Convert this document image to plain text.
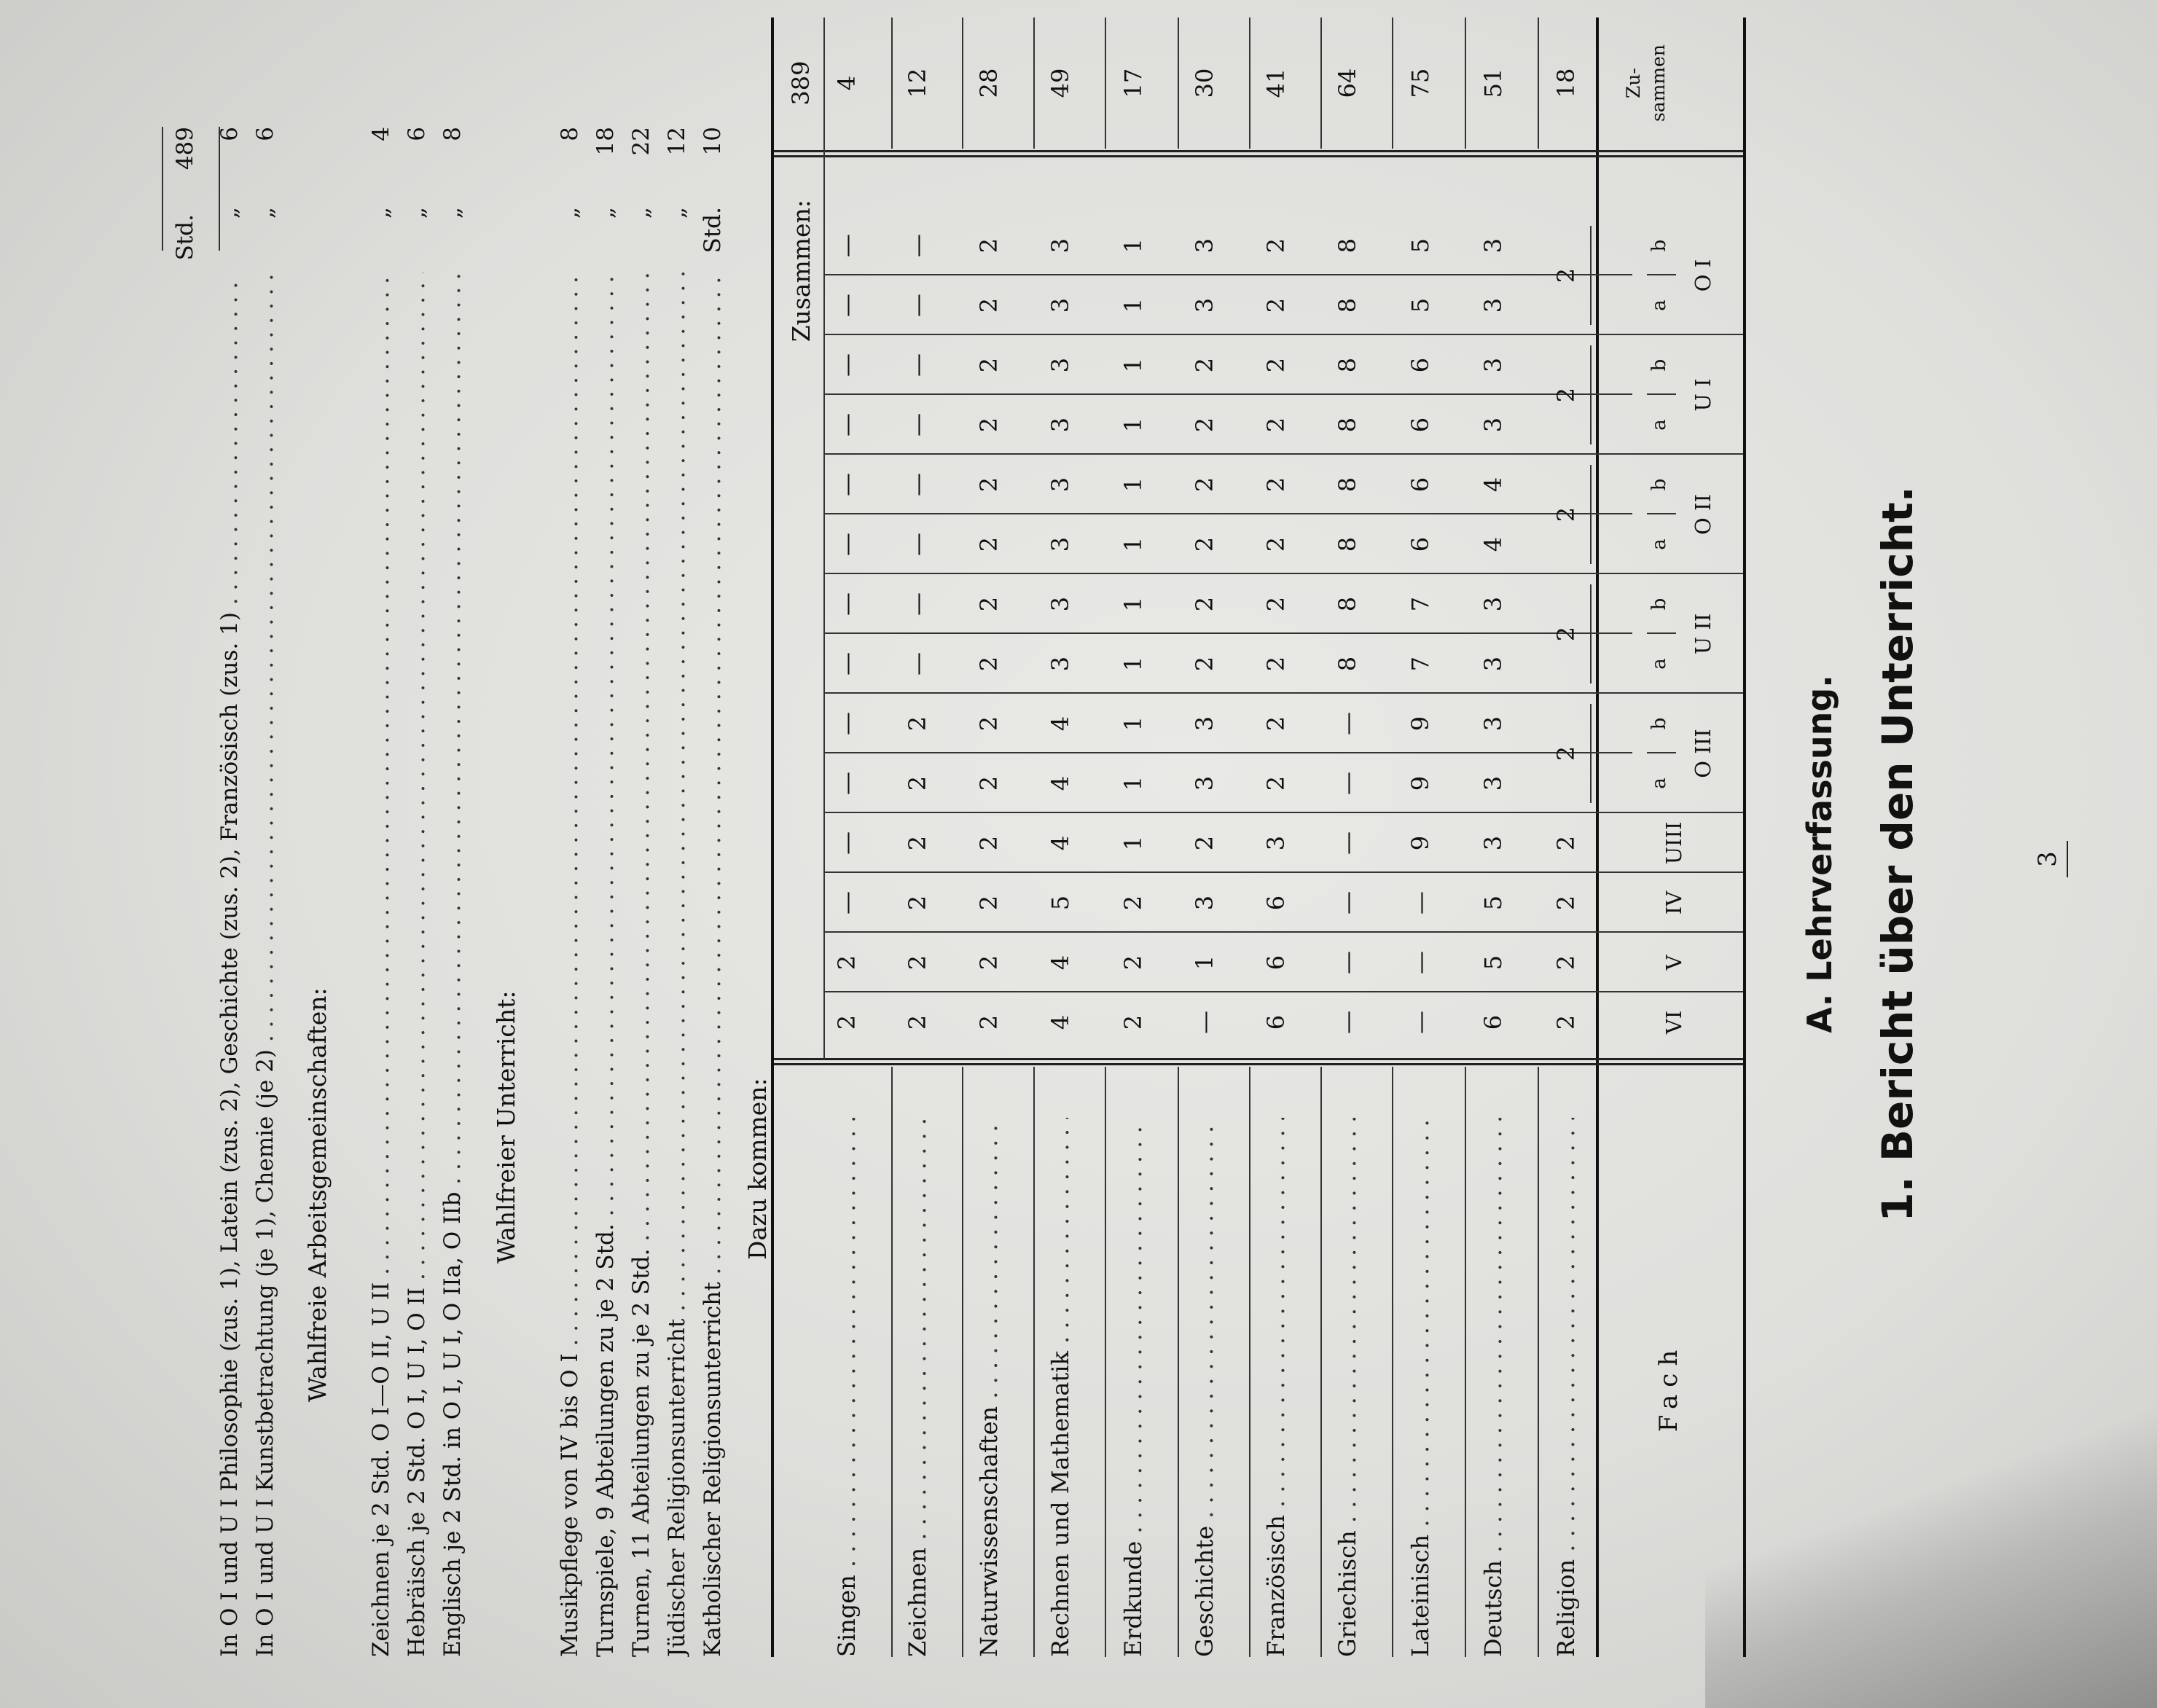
3
1. Bericht über den Unterricht.
A. Lehrverfassung.
Fach
Zu-
sammen
VI
V
IV
UIII
O III
a
b
U II
a
b
O II
a
b
U I
a
b
O I
a
b
Religion . . .
2
2
2
2
2
2
2
2
2
18
Deutsch . . .
6
5
5
3
3
3
3
3
4
4
3
3
3
3
51
Lateinisch . . .
—
—
—
9
9
9
7
7
6
6
6
6
5
5
75
Griechisch . . .
—
—
—
—
—
—
8
8
8
8
8
8
8
8
64
Französisch . . .
6
6
6
3
2
2
2
2
2
2
2
2
2
2
41
Geschichte . . .
—
1
3
2
3
3
2
2
2
2
2
2
3
3
30
Erdkunde . . .
2
2
2
1
1
1
1
1
1
1
1
1
1
1
17
Rechnen und Mathematik . . .
4
4
5
4
4
4
3
3
3
3
3
3
3
3
49
Naturwissenschaften . . .
2
2
2
2
2
2
2
2
2
2
2
2
2
2
28
Zeichnen . . .
2
2
2
2
2
2
—
—
—
—
—
—
—
—
12
Singen . . .
2
2
—
—
—
—
—
—
—
—
—
—
—
—
4
Zusammen:
389
Dazu kommen:
Katholischer Religionsunterricht . . .
Std.
10
Jüdischer Religionsunterricht . . .
„
12
Turnen, 11 Abteilungen zu je 2 Std. . . .
„
22
Turnspiele, 9 Abteilungen zu je 2 Std. . . .
„
18
Musikpflege von IV bis O I . . .
„
8
Wahlfreier Unterricht:
Englisch je 2 Std. in O I, U I, O IIa, O IIb . . .
„
8
Hebräisch je 2 Std. O I, U I, O II . . .
„
6
Zeichnen je 2 Std. O I—O II, U II . . .
„
4
Wahlfreie Arbeitsgemeinschaften:
In O I und U I Kunstbetrachtung (je 1), Chemie (je 2) . . .
„
6
In O I und U I Philosophie (zus. 1), Latein (zus. 2), Geschichte (zus. 2), Französisch (zus. 1) . . .
„
6
Std.
489
